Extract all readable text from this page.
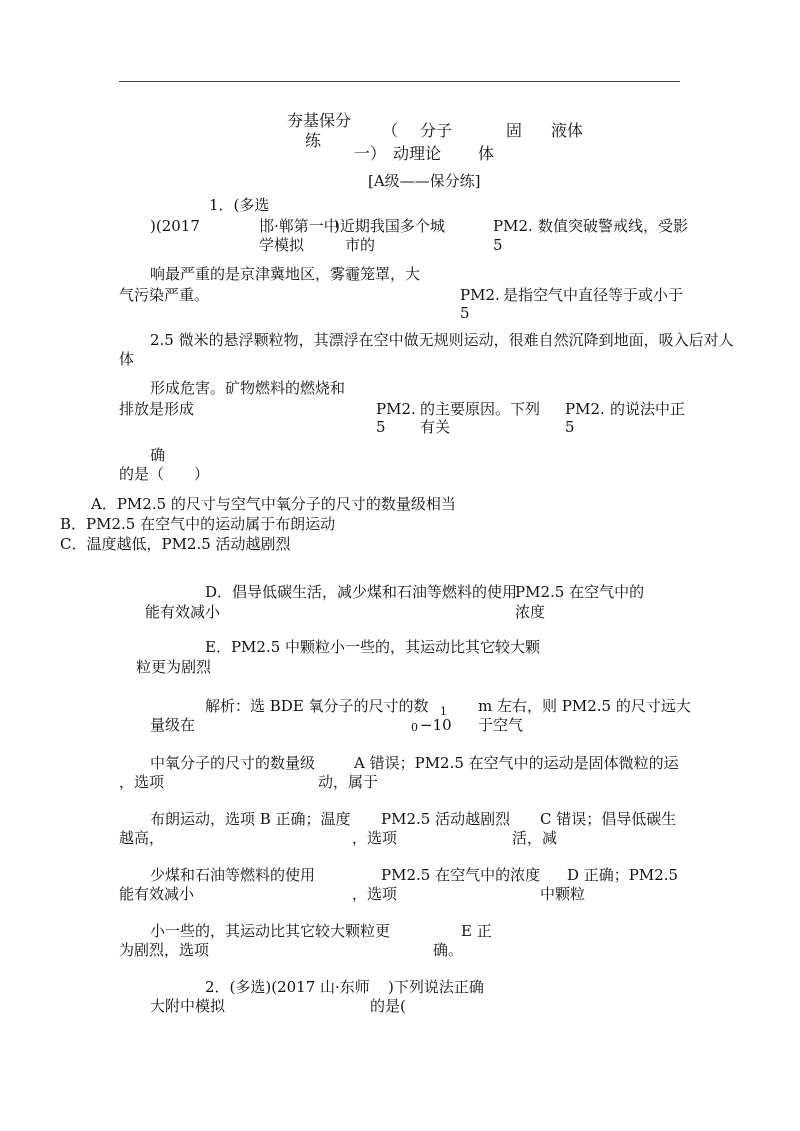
夯基保分
（ 分子	固 液体
练
一） 动理论 体
[A级——保分练]
1．(多选
)(2017	邯·郸第一中
学模拟
)近期我国多个城
市的
PM2. 数值突破警戒线，受影
5
响最严重的是京津冀地区，雾霾笼罩，大
气污染严重。	PM2. 是指空气中直径等于或小于
5
2.5 微米的悬浮颗粒物，其漂浮在空中做无规则运动，很难自然沉降到地面，吸入后对人
体
形成危害。矿物燃料的燃烧和
排放是形成	PM2. 的主要原因。下列
有关
PM2. 的说法中正
5	5
确
的是（　　）
A．PM2.5 的尺寸与空气中氧分子的尺寸的数量级相当
B．PM2.5 在空气中的运动属于布朗运动
C．温度越低，PM2.5 活动越剧烈
D．倡导低碳生活，减少煤和石油等燃料的使用
能有效减小
PM2.5 在空气中的
浓度
E．PM2.5 中颗粒小一些的，其运动比其它较大颗
粒更为剧烈
解析：选 BDE 氧分子的尺寸的数 1 m 左右，则 PM2.5 的尺寸远大
量级在	0 −10 于空气
中氧分子的尺寸的数量级	A 错误；PM2.5 在空气中的运动是固体微粒的运
，选项	动，属于
布朗运动，选项 B 正确；温度 PM2.5 活动越剧烈 C 错误；倡导低碳生
越高，	，选项	活，减
少煤和石油等燃料的使用	PM2.5 在空气中的浓度 D 正确；PM2.5
能有效减小	，选项	中颗粒
小一些的，其运动比其它较大颗粒更	E 正
为剧烈，选项	确。
2．(多选)(2017 山·东师 )下列说法正确
大附中模拟	的是(
